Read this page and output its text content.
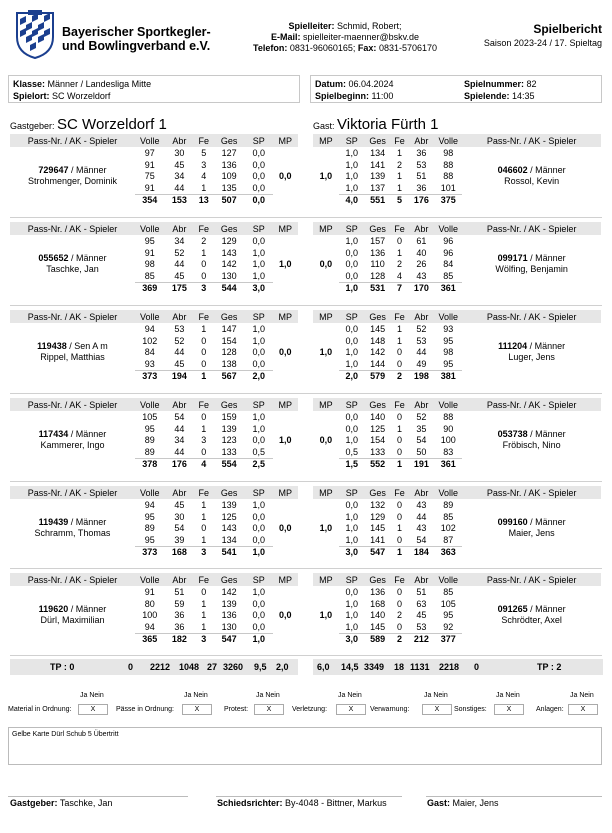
Bayerischer Sportkegler-
und Bowlingverband e.V.
Spielleiter: Schmid, Robert;
E-Mail: spielleiter-maenner@bskv.de
Telefon: 0831-96060165; Fax: 0831-5706170
Spielbericht
Saison 2023-24 / 17. Spieltag
Klasse: Männer / Landesliga Mitte
Spielort: SC Worzeldorf
Datum: 06.04.2024
Spielbeginn: 11:00
Spielnummer: 82
Spielende: 14:35
Gastgeber: SC Worzeldorf 1	Gast: Viktoria Fürth 1
Pass-Nr. / AK - Spieler	Volle	Abr	Fe	Ges	SP	MP

729647 / Männer
Strohmenger, Dominik	97	30	5	127	0,0	0,0
	91	45	3	136	0,0	
	75	34	4	109	0,0	
	91	44	1	135	0,0	
	354	153	13	507	0,0	
MP	SP	Ges	Fe	Abr	Volle	Pass-Nr. / AK - Spieler
1,0	1,0	134	1	36	98	046602 / Männer
Rossol, Kevin

	1,0	141	2	53	88	
	1,0	139	1	51	88	
	1,0	137	1	36	101	
	4,0	551	5	176	375	
Pass-Nr. / AK - Spieler	Volle	Abr	Fe	Ges	SP	MP

055652 / Männer
Taschke, Jan	95	34	2	129	0,0	1,0
	91	52	1	143	1,0	
	98	44	0	142	1,0	
	85	45	0	130	1,0	
	369	175	3	544	3,0	
MP	SP	Ges	Fe	Abr	Volle	Pass-Nr. / AK - Spieler
0,0	1,0	157	0	61	96	099171 / Männer
Wölfing, Benjamin

	0,0	136	1	40	96	
	0,0	110	2	26	84	
	0,0	128	4	43	85	
	1,0	531	7	170	361	
Pass-Nr. / AK - Spieler	Volle	Abr	Fe	Ges	SP	MP

119438 / Sen A m
Rippel, Matthias	94	53	1	147	1,0	0,0
	102	52	0	154	1,0	
	84	44	0	128	0,0	
	93	45	0	138	0,0	
	373	194	1	567	2,0	
MP	SP	Ges	Fe	Abr	Volle	Pass-Nr. / AK - Spieler
1,0	0,0	145	1	52	93	111204 / Männer
Luger, Jens

	0,0	148	1	53	95	
	1,0	142	0	44	98	
	1,0	144	0	49	95	
	2,0	579	2	198	381	
Pass-Nr. / AK - Spieler	Volle	Abr	Fe	Ges	SP	MP

117434 / Männer
Kammerer, Ingo	105	54	0	159	1,0	1,0
	95	44	1	139	1,0	
	89	34	3	123	0,0	
	89	44	0	133	0,5	
	378	176	4	554	2,5	
MP	SP	Ges	Fe	Abr	Volle	Pass-Nr. / AK - Spieler
0,0	0,0	140	0	52	88	053738 / Männer
Fröbisch, Nino

	0,0	125	1	35	90	
	1,0	154	0	54	100	
	0,5	133	0	50	83	
	1,5	552	1	191	361	
Pass-Nr. / AK - Spieler	Volle	Abr	Fe	Ges	SP	MP

119439 / Männer
Schramm, Thomas	94	45	1	139	1,0	0,0
	95	30	1	125	0,0	
	89	54	0	143	0,0	
	95	39	1	134	0,0	
	373	168	3	541	1,0	
MP	SP	Ges	Fe	Abr	Volle	Pass-Nr. / AK - Spieler
1,0	0,0	132	0	43	89	099160 / Männer
Maier, Jens

	1,0	129	0	44	85	
	1,0	145	1	43	102	
	1,0	141	0	54	87	
	3,0	547	1	184	363	
Pass-Nr. / AK - Spieler	Volle	Abr	Fe	Ges	SP	MP

119620 / Männer
Dürl, Maximilian	91	51	0	142	1,0	0,0
	80	59	1	139	0,0	
	100	36	1	136	0,0	
	94	36	1	130	0,0	
	365	182	3	547	1,0	
MP	SP	Ges	Fe	Abr	Volle	Pass-Nr. / AK - Spieler
1,0	0,0	136	0	51	85	091265 / Männer
Schrödter, Axel

	1,0	168	0	63	105	
	1,0	140	2	45	95	
	1,0	145	0	53	92	
	3,0	589	2	212	377	
TP : 0	0 2212 1048 27 3260 9,5 2,0	6,0 14,5 3349 18 1131 2218 0	TP : 2
Ja Nein
Material in Ordnung:	X
Ja Nein
Pässe in Ordnung:	X
Ja Nein
Protest:	X
Ja Nein
Verletzung:	X
Ja Nein
Verwarnung:	X
Ja Nein
Sonstiges:	X
Ja Nein
Anlagen:	X
Gelbe Karte Dürl Schub 5 Übertritt
Gastgeber: Taschke, Jan	Schiedsrichter: By-4048 - Bittner, Markus	Gast: Maier, Jens
